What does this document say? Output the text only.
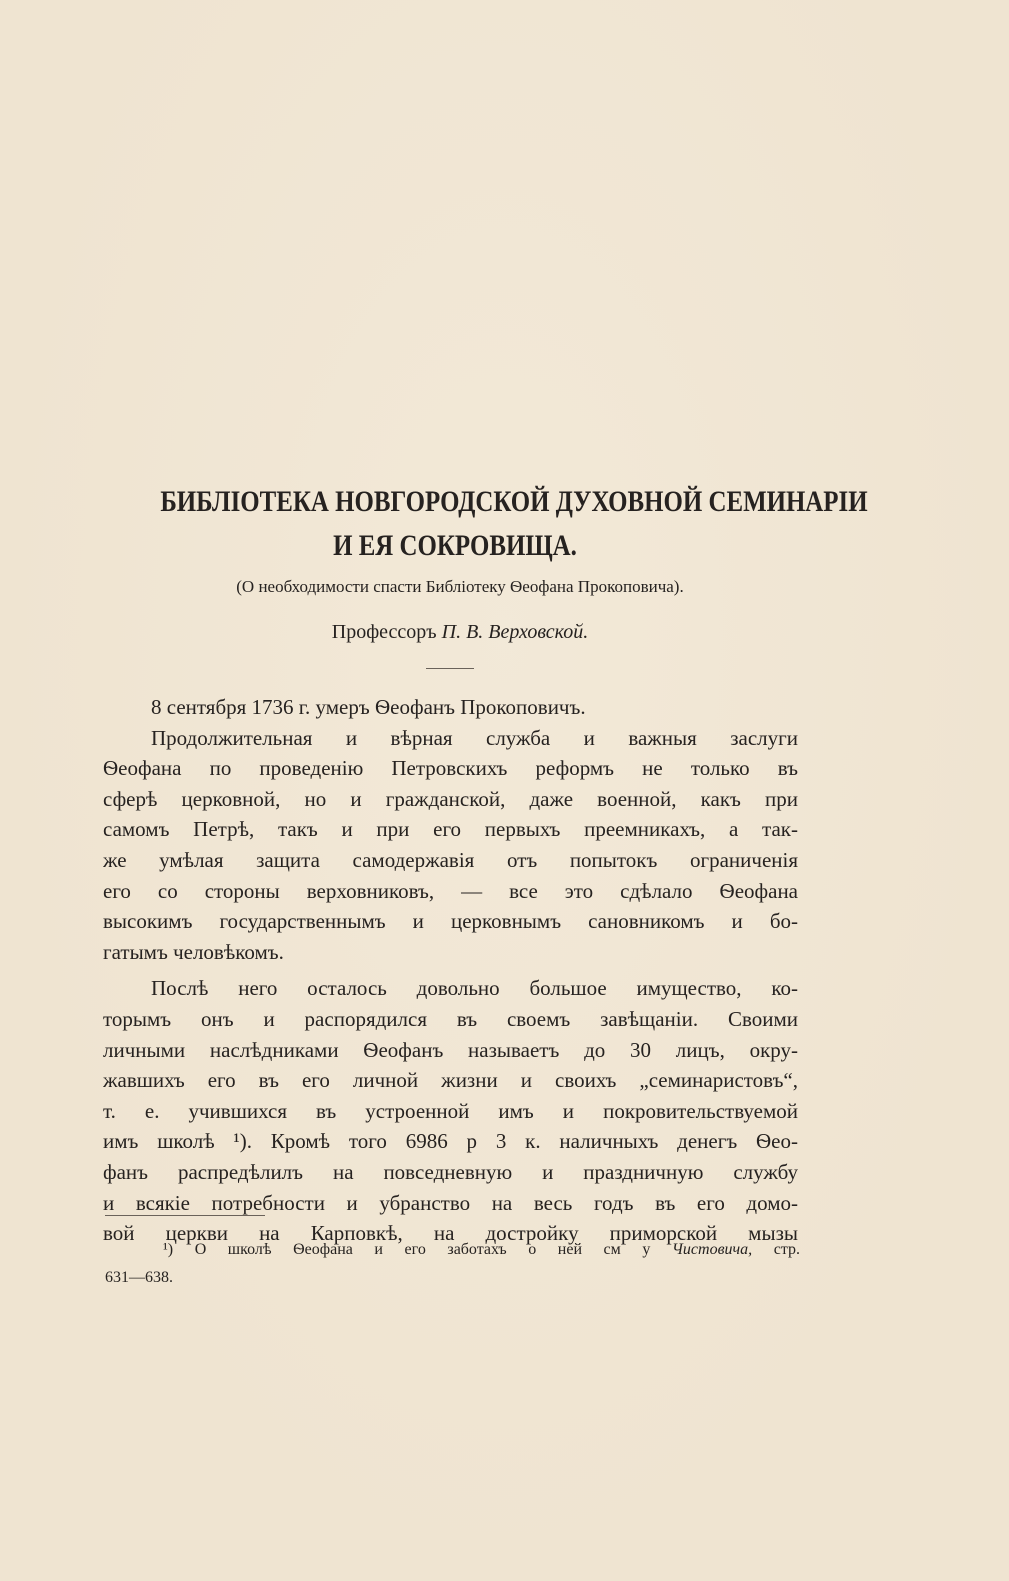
БИБЛІОТЕКА НОВГОРОДСКОЙ ДУХОВНОЙ СЕМИНАРІИ
И ЕЯ СОКРОВИЩА.
(О необходимости спасти Библіотеку Ѳеофана Прокоповича).
Профессоръ П. В. Верховской.
8 сентября 1736 г. умеръ Ѳеофанъ Прокоповичъ.
Продолжительная и вѣрная служба и важныя заслуги
Ѳеофана по проведенію Петровскихъ реформъ не только въ
сферѣ церковной, но и гражданской, даже военной, какъ при
самомъ Петрѣ, такъ и при его первыхъ преемникахъ, а так-
же умѣлая защита самодержавія отъ попытокъ ограниченія
его со стороны верховниковъ, — все это сдѣлало Ѳеофана
высокимъ государственнымъ и церковнымъ сановникомъ и бо-
гатымъ человѣкомъ.
Послѣ него осталось довольно большое имущество, ко-
торымъ онъ и распорядился въ своемъ завѣщаніи. Своими
личными наслѣдниками Ѳеофанъ называетъ до 30 лицъ, окру-
жавшихъ его въ его личной жизни и своихъ „семинаристовъ“,
т. е. учившихся въ устроенной имъ и покровительствуемой
имъ школѣ ¹). Кромѣ того 6986 р 3 к. наличныхъ денегъ Ѳео-
фанъ распредѣлилъ на повседневную и праздничную службу
и всякіе потребности и убранство на весь годъ въ его домо-
вой церкви на Карповкѣ, на достройку приморской мызы
¹) О школѣ Ѳеофана и его заботахъ о ней см у Чистовича, стр.
631—638.
